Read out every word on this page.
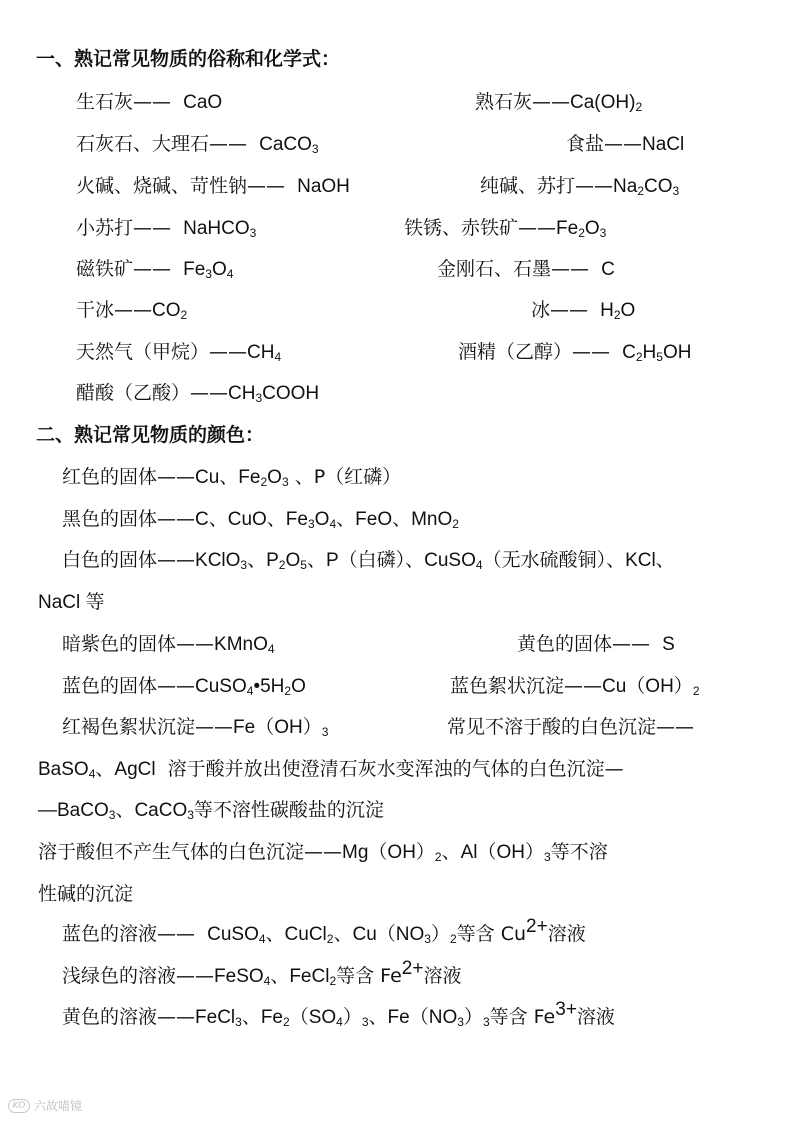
一、熟记常见物质的俗称和化学式：
生石灰—— CaO	熟石灰$——Ca(OH)_2$
石灰石、大理石—— CaCO$_3$	食盐——NaCl
火碱、烧碱、苛性钠—— NaOH	纯碱、苏打$——Na_2CO_3$
小苏打—— NaHCO$_3$	铁锈、赤铁矿$——Fe_2O_3$
磁铁矿—— $Fe_3O_4$	金刚石、石墨—— C
干冰$——CO_2$	冰—— $H_2O$
天然气（甲烷）$——CH_4$	酒精（乙醇）—— $C_2H_5OH$
醋酸（乙酸）$——CH_3COOH$
二、熟记常见物质的颜色：
红色的固体——Cu、$Fe_2O_3$ 、P（红磷）
黑色的固体——C、CuO、$Fe_3O_4$、FeO、MnO$_2$
白色的固体——KClO$_3$、$P_2O_5$、P（白磷）、CuSO$_4$（无水硫酸铜）、KCl、
NaCl 等
暗紫色的固体——KMnO$_4$	黄色的固体—— S
蓝色的固体$——CuSO_4•5H_2O$	蓝色絮状沉淀$——Cu(OH)_2$
红褐色絮状沉淀$——Fe(OH)_3$	常见不溶于酸的白色沉淀——
BaSO$_4$、AgCl 溶于酸并放出使澄清石灰水变浑浊的气体的白色沉淀—
—BaCO$_3$、CaCO$_3$等不溶性碳酸盐的沉淀
溶于酸但不产生气体的白色沉淀$——Mg(OH)_2$、$Al(OH)_3$等不溶
性碱的沉淀
蓝色的溶液—— CuSO$_4$、CuCl$_2$、$Cu(NO_3)_2$等含 $Cu^{2+}$溶液
浅绿色的溶液——FeSO$_4$、FeCl$_2$等含 $Fe^{2+}$溶液
黄色的溶液——FeCl$_3$、$Fe_2(SO_4)_3$、$Fe(NO_3)_3$等含 $Fe^{3+}$溶液
KO 六故喵镜
